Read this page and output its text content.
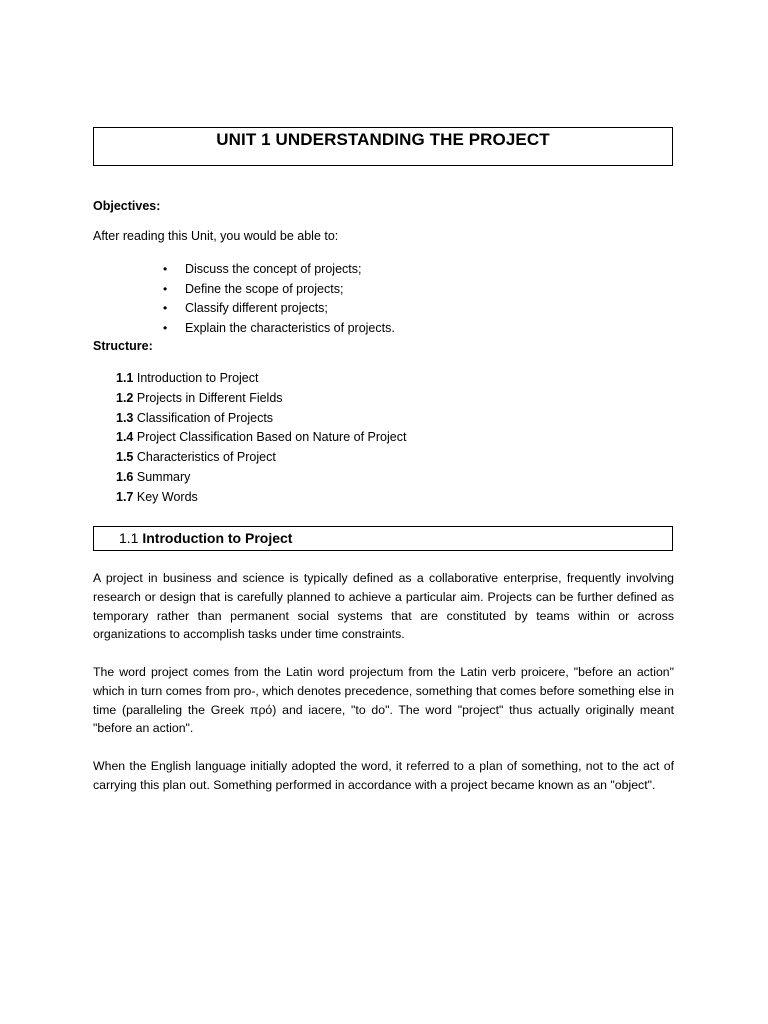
UNIT 1 UNDERSTANDING THE PROJECT
Objectives:
After reading this Unit, you would be able to:
• Discuss the concept of projects;
• Define the scope of projects;
• Classify different projects;
• Explain the characteristics of projects.
Structure:
1.1 Introduction to Project
1.2 Projects in Different Fields
1.3 Classification of Projects
1.4 Project Classification Based on Nature of Project
1.5 Characteristics of Project
1.6 Summary
1.7 Key Words
1.1 Introduction to Project

A project in business and science is typically defined as a collaborative enterprise, frequently involving research or design that is carefully planned to achieve a particular aim. Projects can be further defined as temporary rather than permanent social systems that are constituted by teams within or across organizations to accomplish tasks under time constraints.

The word project comes from the Latin word projectum from the Latin verb proicere, "before an action" which in turn comes from pro-, which denotes precedence, something that comes before something else in time (paralleling the Greek πρό) and iacere, "to do". The word "project" thus actually originally meant "before an action".

When the English language initially adopted the word, it referred to a plan of something, not to the act of carrying this plan out. Something performed in accordance with a project became known as an "object".
